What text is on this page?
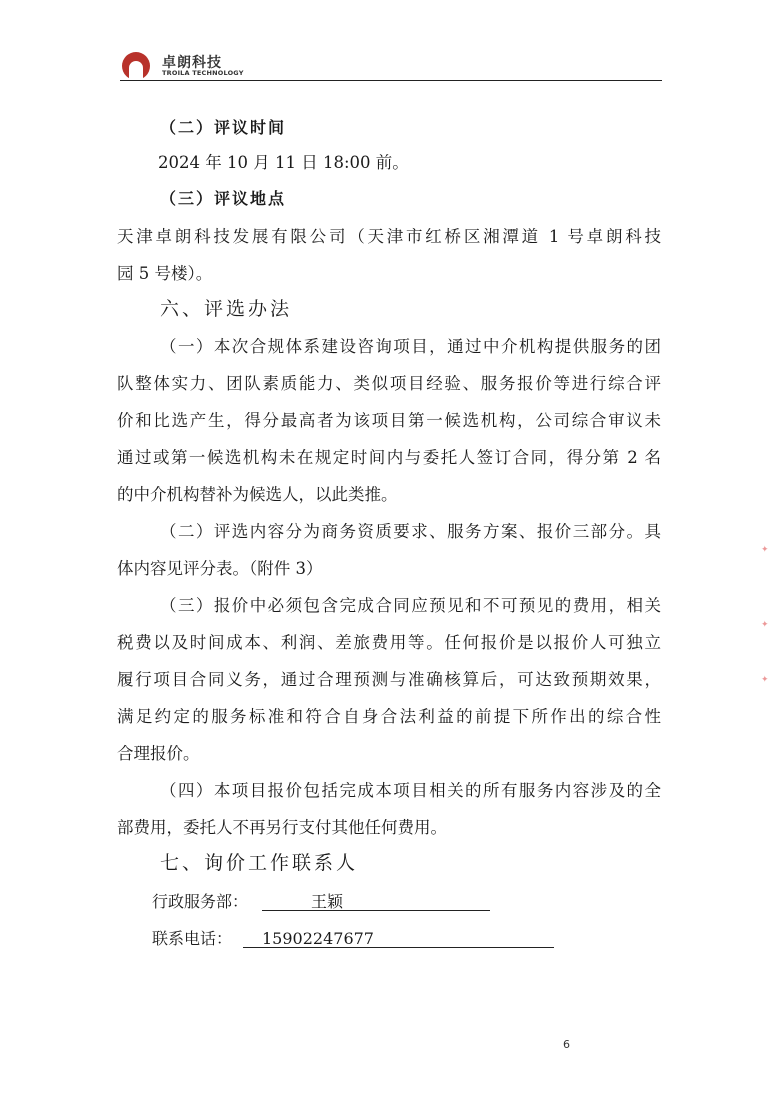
卓朗科技
TROILA TECHNOLOGY
（二）评议时间
2024 年 10 月 11 日 18:00 前。
（三）评议地点
天津卓朗科技发展有限公司（天津市红桥区湘潭道 1 号卓朗科技
园 5 号楼）。
六、评选办法
（一）本次合规体系建设咨询项目，通过中介机构提供服务的团
队整体实力、团队素质能力、类似项目经验、服务报价等进行综合评
价和比选产生，得分最高者为该项目第一候选机构，公司综合审议未
通过或第一候选机构未在规定时间内与委托人签订合同，得分第 2 名
的中介机构替补为候选人，以此类推。
（二）评选内容分为商务资质要求、服务方案、报价三部分。具
体内容见评分表。（附件 3）
（三）报价中必须包含完成合同应预见和不可预见的费用，相关
税费以及时间成本、利润、差旅费用等。任何报价是以报价人可独立
履行项目合同义务，通过合理预测与准确核算后，可达致预期效果，
满足约定的服务标准和符合自身合法利益的前提下所作出的综合性
合理报价。
（四）本项目报价包括完成本项目相关的所有服务内容涉及的全
部费用，委托人不再另行支付其他任何费用。
七、询价工作联系人
行政服务部：	王颖
联系电话： 15902247677
6
✦
✦
✦
